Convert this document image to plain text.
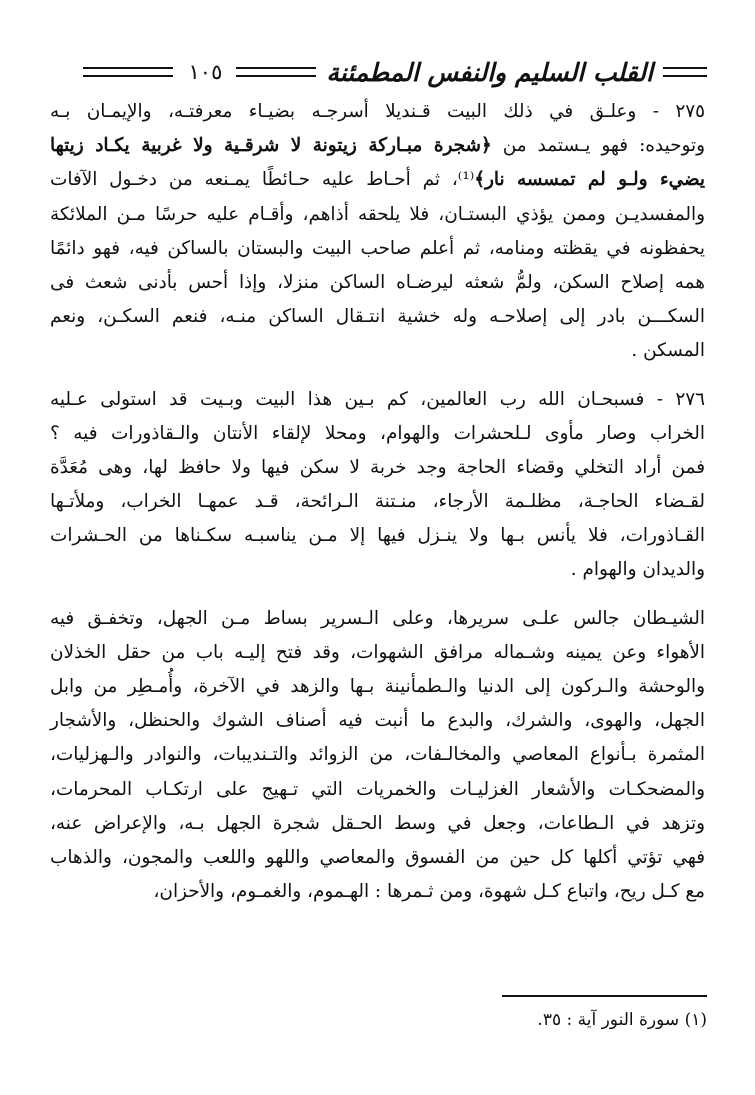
القلب السليم والنفس المطمئنة
١٠٥
٢٧٥ - وعلـق في ذلك البيت قـنديلا أسرجـه بضيـاء معرفتـه، والإيمـان بـه
وتوحيده: فهو يـستمد من ﴿شجرة مبـاركة زيتونة لا شرقـية ولا غربية يكـاد زيتها
يضيء ولـو لم تمسسه نار﴾⁽¹⁾، ثم أحـاط عليه حـائطًا يمـنعه من دخـول الآفات
والمفسديـن وممن يؤذي البستـان، فلا يلحقه أذاهم، وأقـام عليه حرسًا مـن الملائكة
يحفظونه في يقظته ومنامه، ثم أعلم صاحب البيت والبستان بالساكن فيه، فهو دائمًا
همه إصلاح السكن، ولمُّ شعثه ليرضـاه الساكن منزلا، وإذا أحس بأدنى شعث فى
السكـــن بادر إلى إصلاحـه وله خشية انتـقال الساكن منـه، فنعم السكـن، ونعم
المسكن .
٢٧٦ - فسبحـان الله رب العالمين، كم بـين هذا البيت وبـيت قد استولى عـليه
الخراب وصار مأوى لـلحشرات والهوام، ومحلا لإلقاء الأنتان والـقاذورات فيه ؟
فمن أراد التخلي وقضاء الحاجة وجد خربة لا سكن فيها ولا حافظ لها، وهى مُعَدَّة
لقـضاء الحاجـة، مظلـمة الأرجاء، منـتنة الـرائحة، قـد عمهـا الخراب، وملأتـها
القـاذورات، فلا يأنس بـها ولا ينـزل فيها إلا مـن يناسبـه سكـناها من الحـشرات
والديدان والهوام .
الشيـطان جالس علـى سريرها، وعلى الـسرير بساط مـن الجهل، وتخفـق فيه
الأهواء وعن يمينه وشـماله مرافق الشهوات، وقد فتح إليـه باب من حقل الخذلان
والوحشة والـركون إلى الدنيا والـطمأنينة بـها والزهد في الآخرة، وأُمـطِر من وابل
الجهل، والهوى، والشرك، والبدع ما أنبت فيه أصناف الشوك والحنظل، والأشجار
المثمرة بـأنواع المعاصي والمخالـفات، من الزوائد والتـنديبات، والنوادر والـهزليات،
والمضحكـات والأشعار الغزليـات والخمريات التي تـهيج على ارتكـاب المحرمات،
وتزهد في الـطاعات، وجعل في وسط الحـقل شجرة الجهل بـه، والإعراض عنه،
فهي تؤتي أكلها كل حين من الفسوق والمعاصي واللهو واللعب والمجون، والذهاب
مع كـل ريح، واتباع كـل شهوة، ومن ثـمرها : الهـموم، والغمـوم، والأحزان،
(١) سورة النور آية : ٣٥.
